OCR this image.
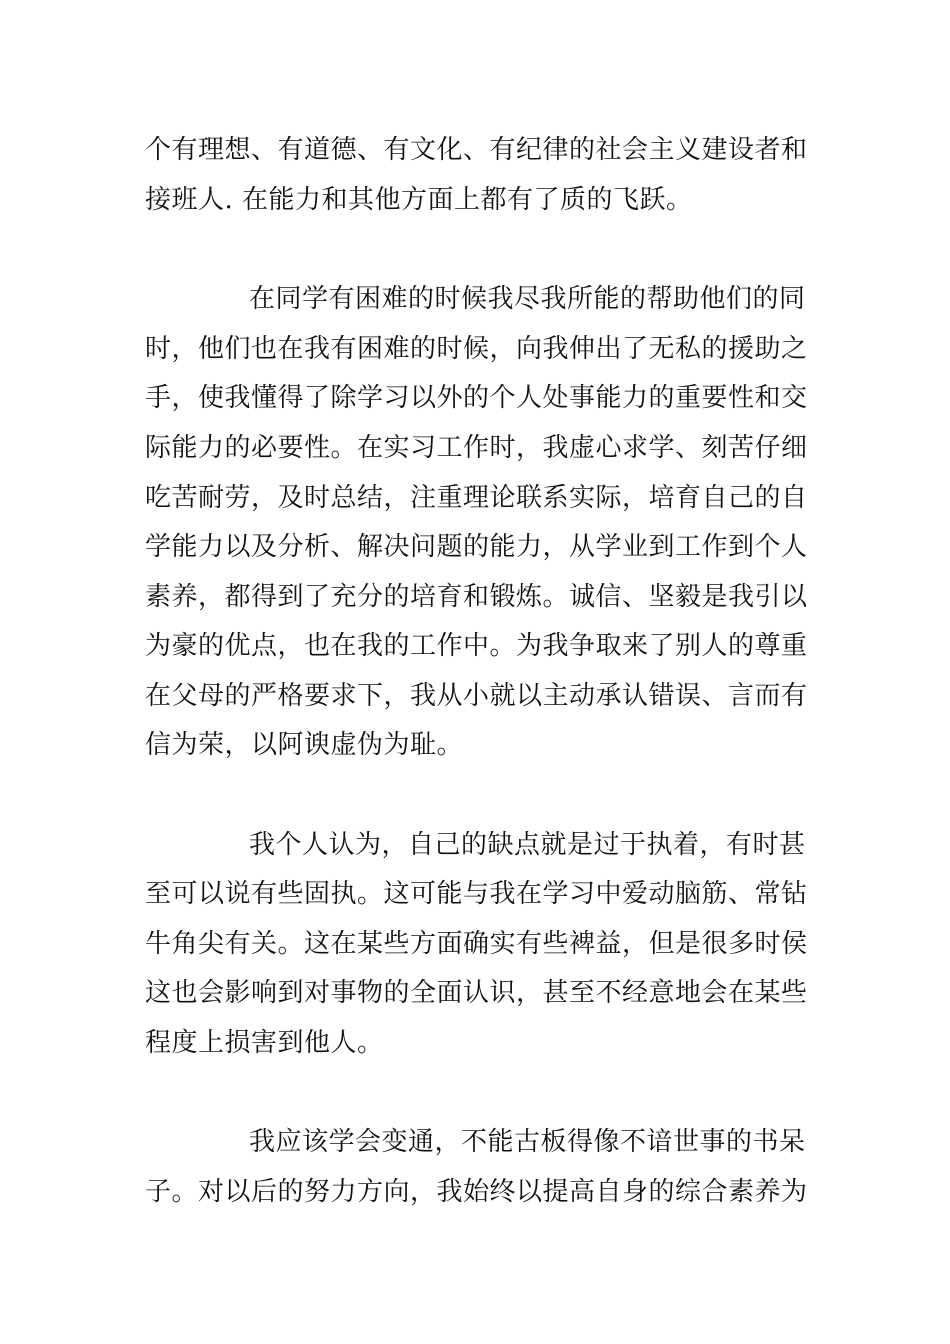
个有理想、有道德、有文化、有纪律的社会主义建设者和
接班人. 在能力和其他方面上都有了质的飞跃。
在同学有困难的时候我尽我所能的帮助他们的同
时，他们也在我有困难的时候，向我伸出了无私的援助之
手，使我懂得了除学习以外的个人处事能力的重要性和交
际能力的必要性。在实习工作时，我虚心求学、刻苦仔细
吃苦耐劳，及时总结，注重理论联系实际，培育自己的自
学能力以及分析、解决问题的能力，从学业到工作到个人
素养，都得到了充分的培育和锻炼。诚信、坚毅是我引以
为豪的优点，也在我的工作中。为我争取来了别人的尊重
在父母的严格要求下，我从小就以主动承认错误、言而有
信为荣，以阿谀虚伪为耻。
我个人认为，自己的缺点就是过于执着，有时甚
至可以说有些固执。这可能与我在学习中爱动脑筋、常钻
牛角尖有关。这在某些方面确实有些裨益，但是很多时侯
这也会影响到对事物的全面认识，甚至不经意地会在某些
程度上损害到他人。
我应该学会变通，不能古板得像不谙世事的书呆
子。对以后的努力方向，我始终以提高自身的综合素养为
